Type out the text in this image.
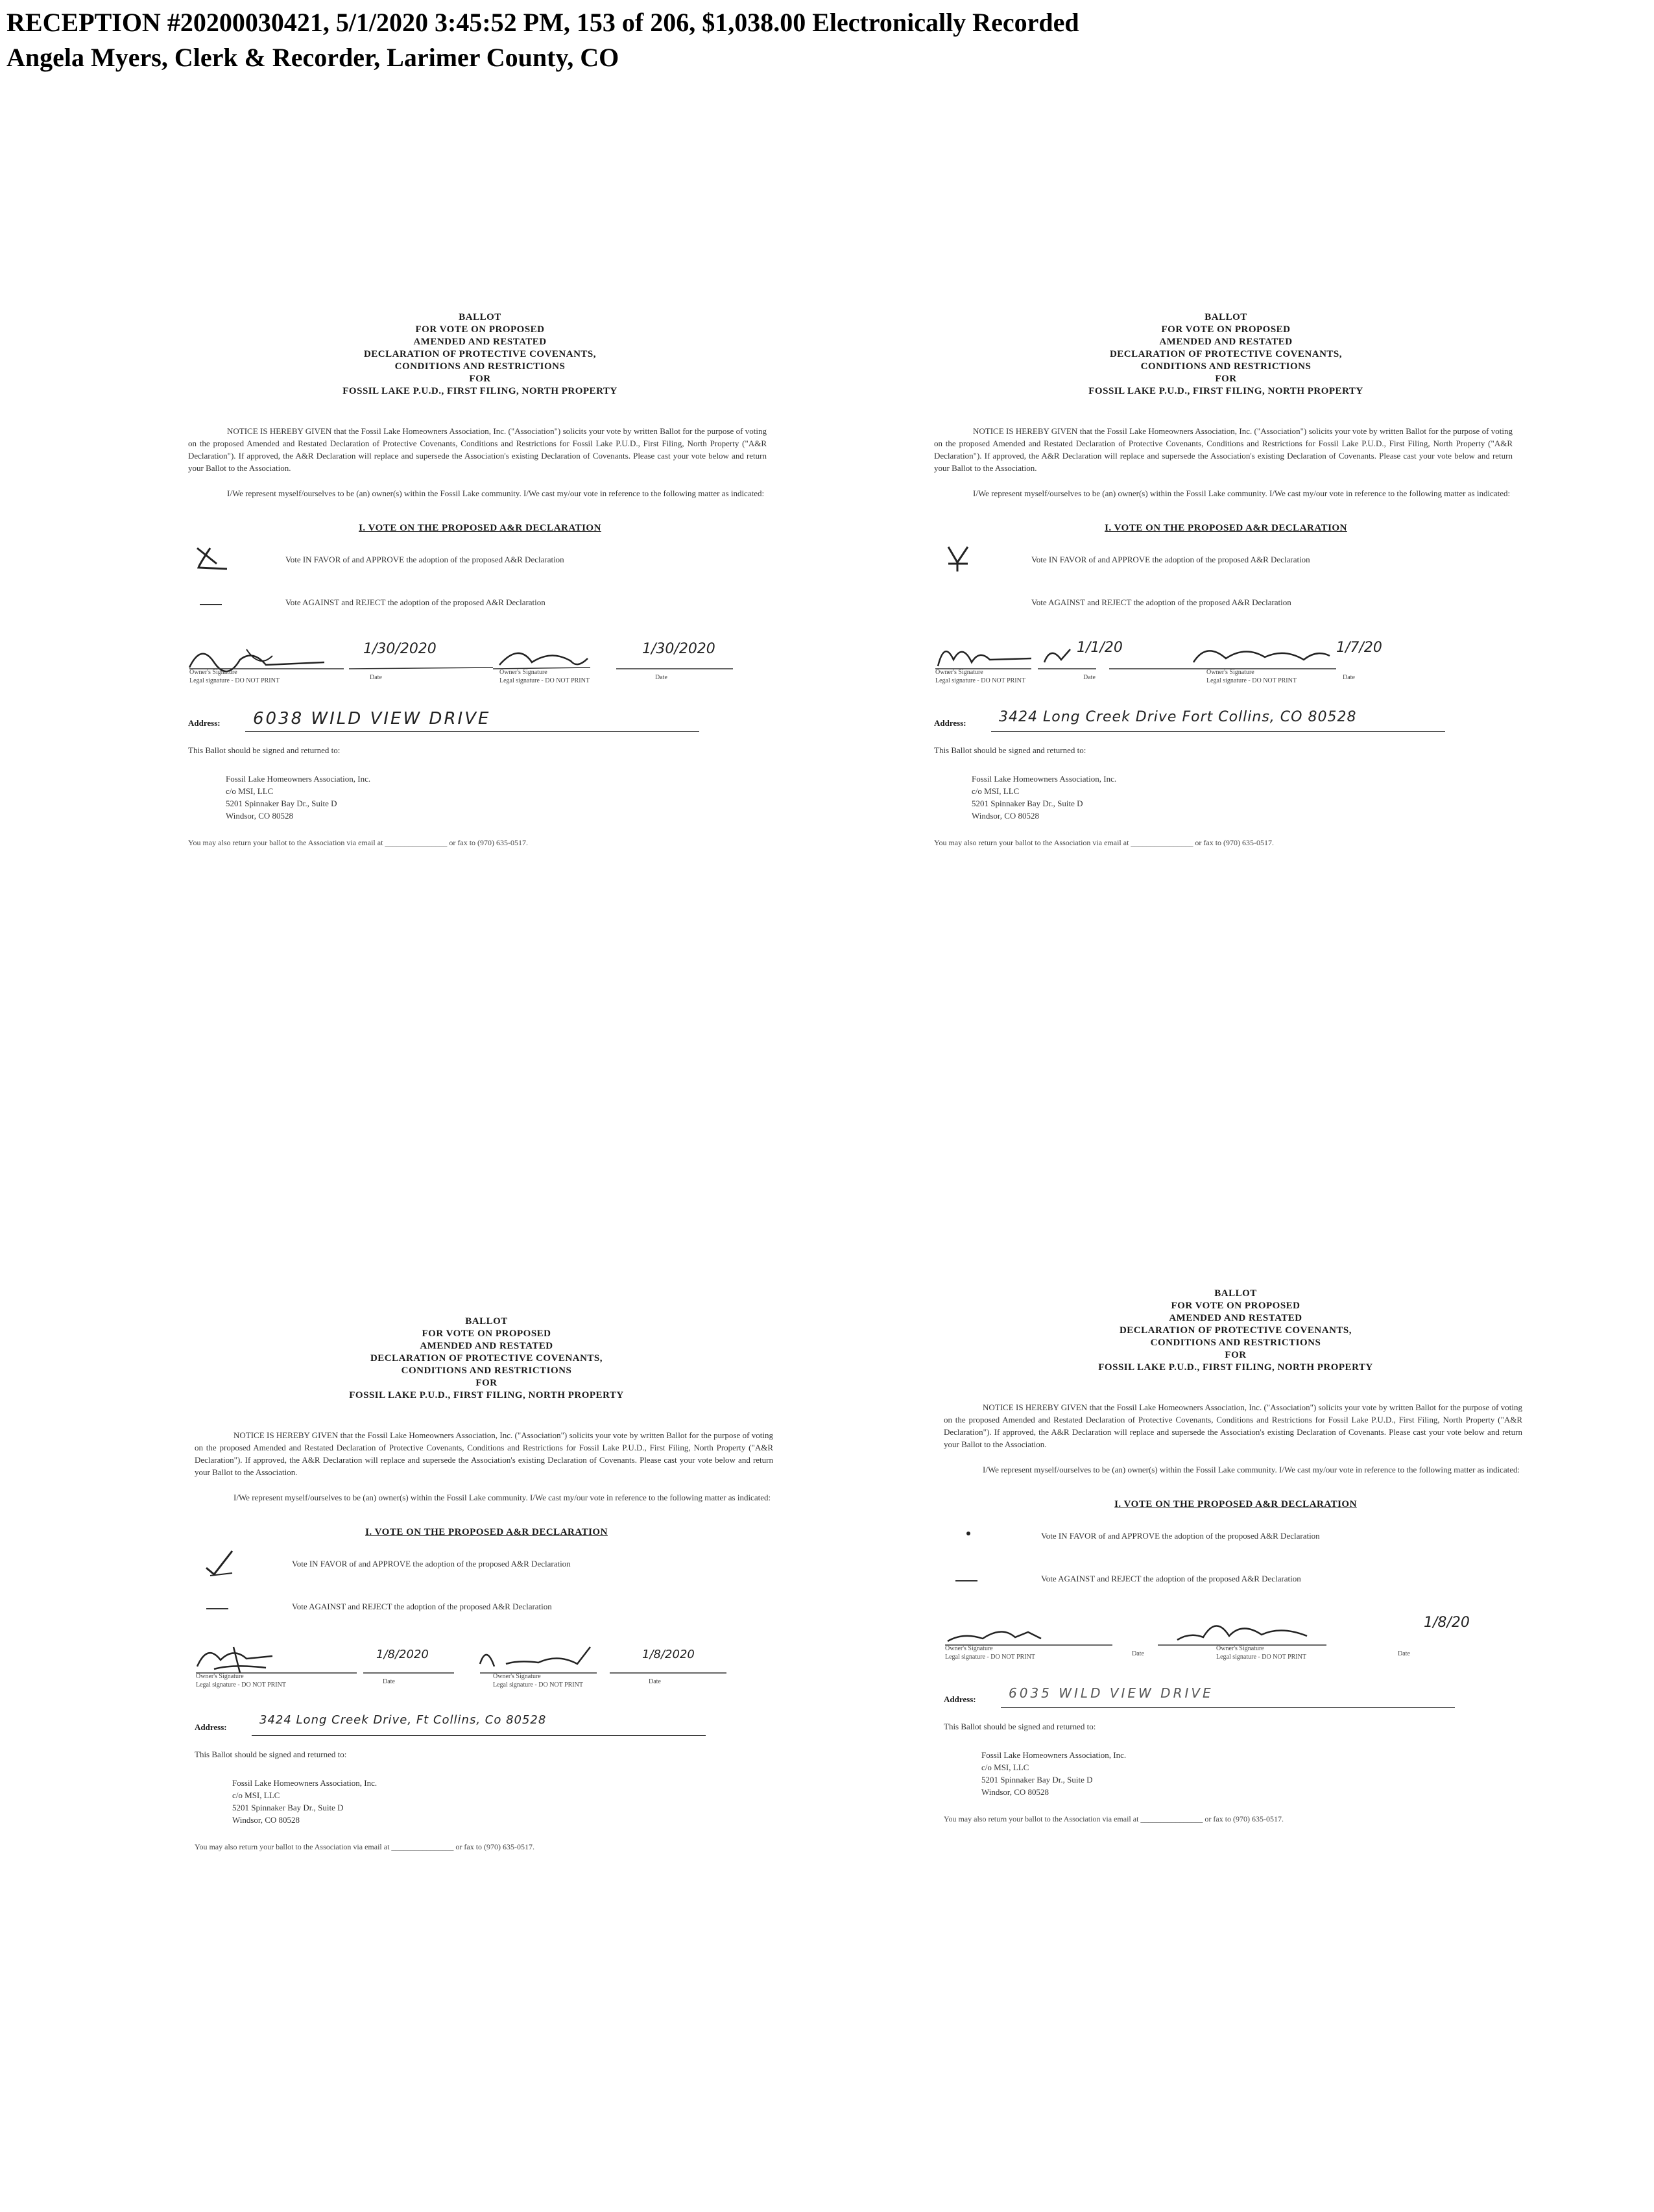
RECEPTION #20200030421, 5/1/2020 3:45:52 PM, 153 of 206, $1,038.00 Electronically Recorded
Angela Myers, Clerk & Recorder, Larimer County, CO
BALLOT
FOR VOTE ON PROPOSED
AMENDED AND RESTATED
DECLARATION OF PROTECTIVE COVENANTS,
CONDITIONS AND RESTRICTIONS
FOR
FOSSIL LAKE P.U.D., FIRST FILING, NORTH PROPERTY
NOTICE IS HEREBY GIVEN that the Fossil Lake Homeowners Association, Inc. ("Association") solicits your vote by written Ballot for the purpose of voting on the proposed Amended and Restated Declaration of Protective Covenants, Conditions and Restrictions for Fossil Lake P.U.D., First Filing, North Property ("A&R Declaration"). If approved, the A&R Declaration will replace and supersede the Association's existing Declaration of Covenants. Please cast your vote below and return your Ballot to the Association.
I/We represent myself/ourselves to be (an) owner(s) within the Fossil Lake community. I/We cast my/our vote in reference to the following matter as indicated:
I. VOTE ON THE PROPOSED A&R DECLARATION
Vote IN FAVOR of and APPROVE the adoption of the proposed A&R Declaration
Vote AGAINST and REJECT the adoption of the proposed A&R Declaration
Owner's Signature
Legal signature - DO NOT PRINT
1/30/2020
Date
Owner's Signature
Legal signature - DO NOT PRINT
1/30/2020
Date
Address: 6038 WILD VIEW DRIVE
This Ballot should be signed and returned to:
Fossil Lake Homeowners Association, Inc.
c/o MSI, LLC
5201 Spinnaker Bay Dr., Suite D
Windsor, CO 80528
You may also return your ballot to the Association via email at ________________ or fax to (970) 635-0517.
BALLOT
FOR VOTE ON PROPOSED
AMENDED AND RESTATED
DECLARATION OF PROTECTIVE COVENANTS,
CONDITIONS AND RESTRICTIONS
FOR
FOSSIL LAKE P.U.D., FIRST FILING, NORTH PROPERTY
NOTICE IS HEREBY GIVEN that the Fossil Lake Homeowners Association, Inc. ("Association") solicits your vote by written Ballot for the purpose of voting on the proposed Amended and Restated Declaration of Protective Covenants, Conditions and Restrictions for Fossil Lake P.U.D., First Filing, North Property ("A&R Declaration"). If approved, the A&R Declaration will replace and supersede the Association's existing Declaration of Covenants. Please cast your vote below and return your Ballot to the Association.
I/We represent myself/ourselves to be (an) owner(s) within the Fossil Lake community. I/We cast my/our vote in reference to the following matter as indicated:
I. VOTE ON THE PROPOSED A&R DECLARATION
Vote IN FAVOR of and APPROVE the adoption of the proposed A&R Declaration
Vote AGAINST and REJECT the adoption of the proposed A&R Declaration
Owner's Signature
Legal signature - DO NOT PRINT
1/1/20
Date
Owner's Signature
Legal signature - DO NOT PRINT
1/7/20
Date
Address: 3424 Long Creek Drive Fort Collins, CO 80528
This Ballot should be signed and returned to:
Fossil Lake Homeowners Association, Inc.
c/o MSI, LLC
5201 Spinnaker Bay Dr., Suite D
Windsor, CO 80528
You may also return your ballot to the Association via email at ________________ or fax to (970) 635-0517.
BALLOT
FOR VOTE ON PROPOSED
AMENDED AND RESTATED
DECLARATION OF PROTECTIVE COVENANTS,
CONDITIONS AND RESTRICTIONS
FOR
FOSSIL LAKE P.U.D., FIRST FILING, NORTH PROPERTY
NOTICE IS HEREBY GIVEN that the Fossil Lake Homeowners Association, Inc. ("Association") solicits your vote by written Ballot for the purpose of voting on the proposed Amended and Restated Declaration of Protective Covenants, Conditions and Restrictions for Fossil Lake P.U.D., First Filing, North Property ("A&R Declaration"). If approved, the A&R Declaration will replace and supersede the Association's existing Declaration of Covenants. Please cast your vote below and return your Ballot to the Association.
I/We represent myself/ourselves to be (an) owner(s) within the Fossil Lake community. I/We cast my/our vote in reference to the following matter as indicated:
I. VOTE ON THE PROPOSED A&R DECLARATION
Vote IN FAVOR of and APPROVE the adoption of the proposed A&R Declaration
Vote AGAINST and REJECT the adoption of the proposed A&R Declaration
Owner's Signature
Legal signature - DO NOT PRINT
1/8/2020
Date
Owner's Signature
Legal signature - DO NOT PRINT
1/8/2020
Date
Address:
3424 Long Creek Drive, Ft Collins, Co 80528
This Ballot should be signed and returned to:
Fossil Lake Homeowners Association, Inc.
c/o MSI, LLC
5201 Spinnaker Bay Dr., Suite D
Windsor, CO 80528
You may also return your ballot to the Association via email at ________________ or fax to (970) 635-0517.
BALLOT
FOR VOTE ON PROPOSED
AMENDED AND RESTATED
DECLARATION OF PROTECTIVE COVENANTS,
CONDITIONS AND RESTRICTIONS
FOR
FOSSIL LAKE P.U.D., FIRST FILING, NORTH PROPERTY
NOTICE IS HEREBY GIVEN that the Fossil Lake Homeowners Association, Inc. ("Association") solicits your vote by written Ballot for the purpose of voting on the proposed Amended and Restated Declaration of Protective Covenants, Conditions and Restrictions for Fossil Lake P.U.D., First Filing, North Property ("A&R Declaration"). If approved, the A&R Declaration will replace and supersede the Association's existing Declaration of Covenants. Please cast your vote below and return your Ballot to the Association.
I/We represent myself/ourselves to be (an) owner(s) within the Fossil Lake community. I/We cast my/our vote in reference to the following matter as indicated:
I. VOTE ON THE PROPOSED A&R DECLARATION
Vote IN FAVOR of and APPROVE the adoption of the proposed A&R Declaration
Vote AGAINST and REJECT the adoption of the proposed A&R Declaration
Owner's Signature
Legal signature - DO NOT PRINT	Date
Owner's Signature
Legal signature - DO NOT PRINT
1/8/20
Date
Address:	6035 WILD VIEW DRIVE
This Ballot should be signed and returned to:
Fossil Lake Homeowners Association, Inc.
c/o MSI, LLC
5201 Spinnaker Bay Dr., Suite D
Windsor, CO 80528
You may also return your ballot to the Association via email at ________________ or fax to (970) 635-0517.
